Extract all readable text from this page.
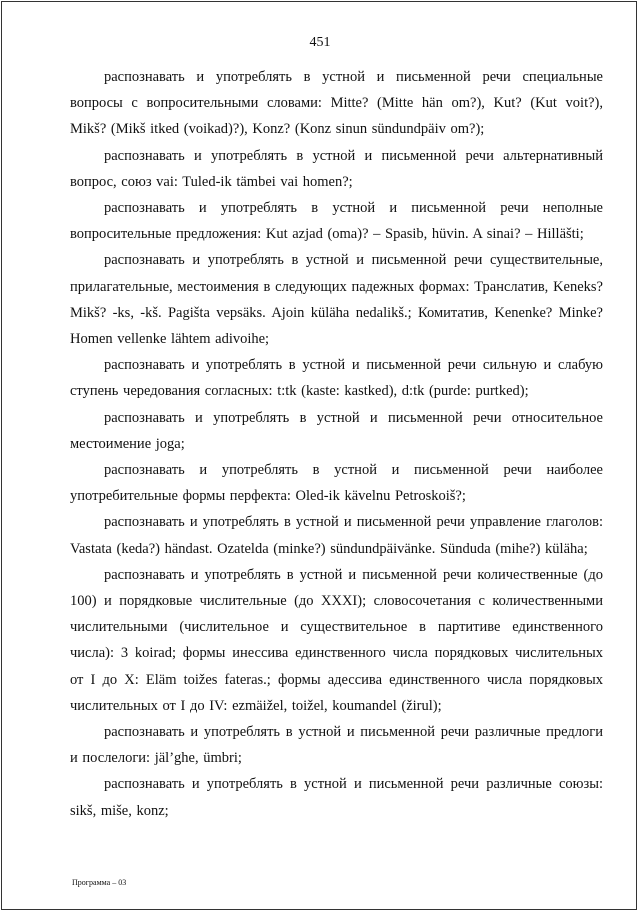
451

распознавать и употреблять в устной и письменной речи специальные вопросы с вопросительными словами: Mitte? (Mitte hän om?), Kut? (Kut voit?), Mikš? (Mikš itked (voikad)?), Konz? (Konz sinun sündundpäiv om?);

распознавать и употреблять в устной и письменной речи альтернативный вопрос, союз vai: Tuled-ik tämbei vai homen?;

распознавать и употреблять в устной и письменной речи неполные вопросительные предложения: Kut azjad (oma)? – Spasib, hüvin. A sinai? – Hilläšti;

распознавать и употреблять в устной и письменной речи существительные, прилагательные, местоимения в следующих падежных формах: Транслатив, Keneks? Mikš? -ks, -kš. Pagišta vepsäks. Ajoin küläha nedalikš.; Комитатив, Kenenke? Minke? Homen vellenke lähtem adivoihe;

распознавать и употреблять в устной и письменной речи сильную и слабую ступень чередования согласных: t:tk (kaste: kastked), d:tk (purde: purtked);

распознавать и употреблять в устной и письменной речи относительное местоимение joga;

распознавать и употреблять в устной и письменной речи наиболее употребительные формы перфекта: Oled-ik kävelnu Petroskoiš?;

распознавать и употреблять в устной и письменной речи управление глаголов: Vastata (keda?) händast. Ozatelda (minke?) sündundpäivänke. Sünduda (mihe?) küläha;

распознавать и употреблять в устной и письменной речи количественные (до 100) и порядковые числительные (до XXXI); словосочетания с количественными числительными (числительное и существительное в партитиве единственного числа): 3 koirad; формы инессива единственного числа порядковых числительных от I до X: Eläm toižes fateras.; формы адессива единственного числа порядковых числительных от I до IV: ezmäižel, toižel, koumandel (žirul);

распознавать и употреблять в устной и письменной речи различные предлоги и послелоги: jäl’ghe, ümbri;

распознавать и употреблять в устной и письменной речи различные союзы: sikš, miše, konz;

Программа – 03
